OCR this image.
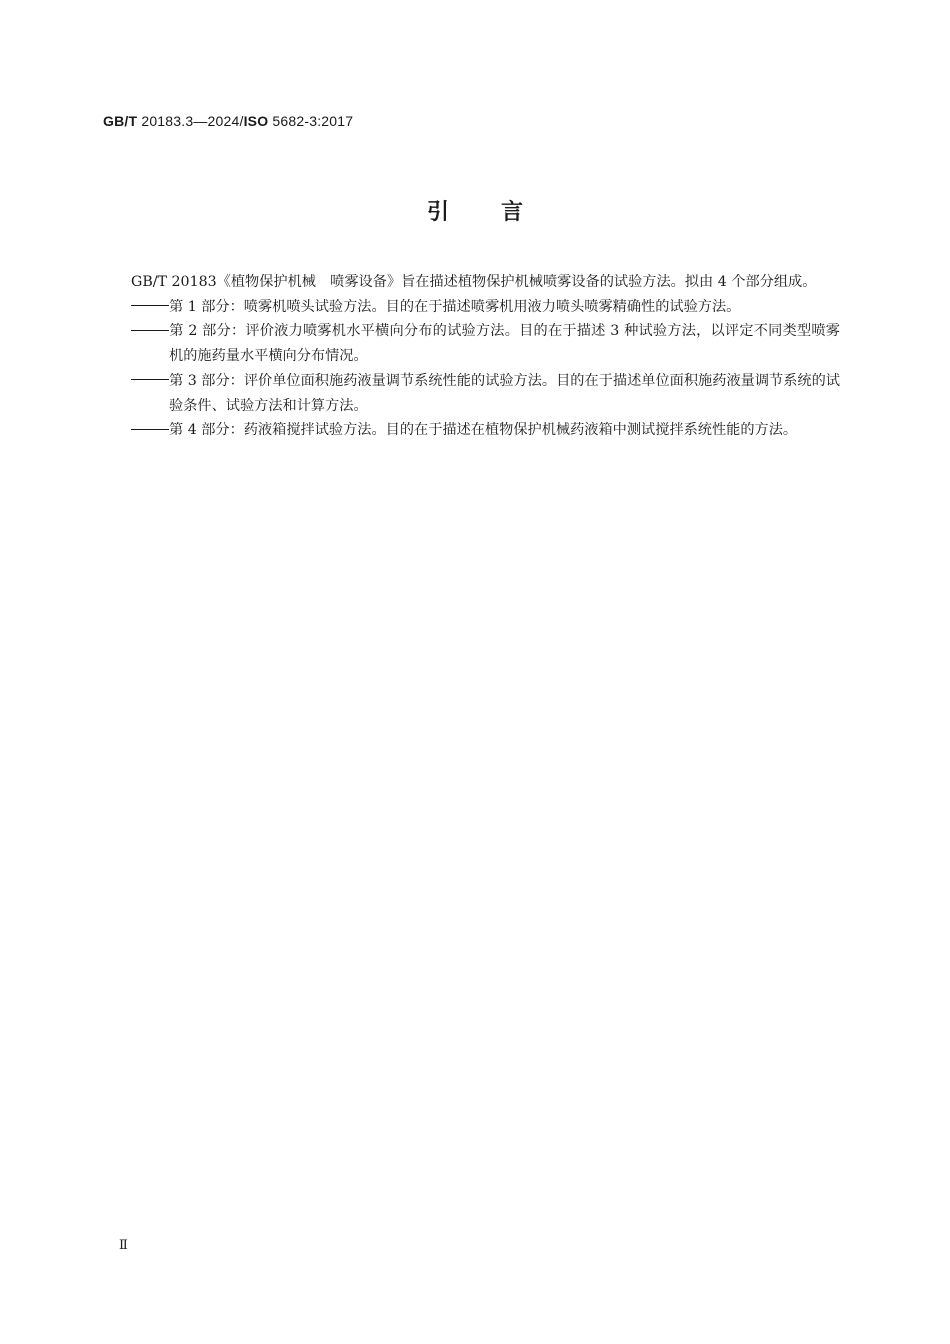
GB/T 20183.3—2024/ISO 5682-3:2017
引言

GB/T 20183《植物保护机械　喷雾设备》旨在描述植物保护机械喷雾设备的试验方法。拟由 4 个部分组成。

第 1 部分：喷雾机喷头试验方法。目的在于描述喷雾机用液力喷头喷雾精确性的试验方法。

第 2 部分：评价液力喷雾机水平横向分布的试验方法。目的在于描述 3 种试验方法，以评定不同类型喷雾机的施药量水平横向分布情况。

第 3 部分：评价单位面积施药液量调节系统性能的试验方法。目的在于描述单位面积施药液量调节系统的试验条件、试验方法和计算方法。

第 4 部分：药液箱搅拌试验方法。目的在于描述在植物保护机械药液箱中测试搅拌系统性能的方法。

Ⅱ
